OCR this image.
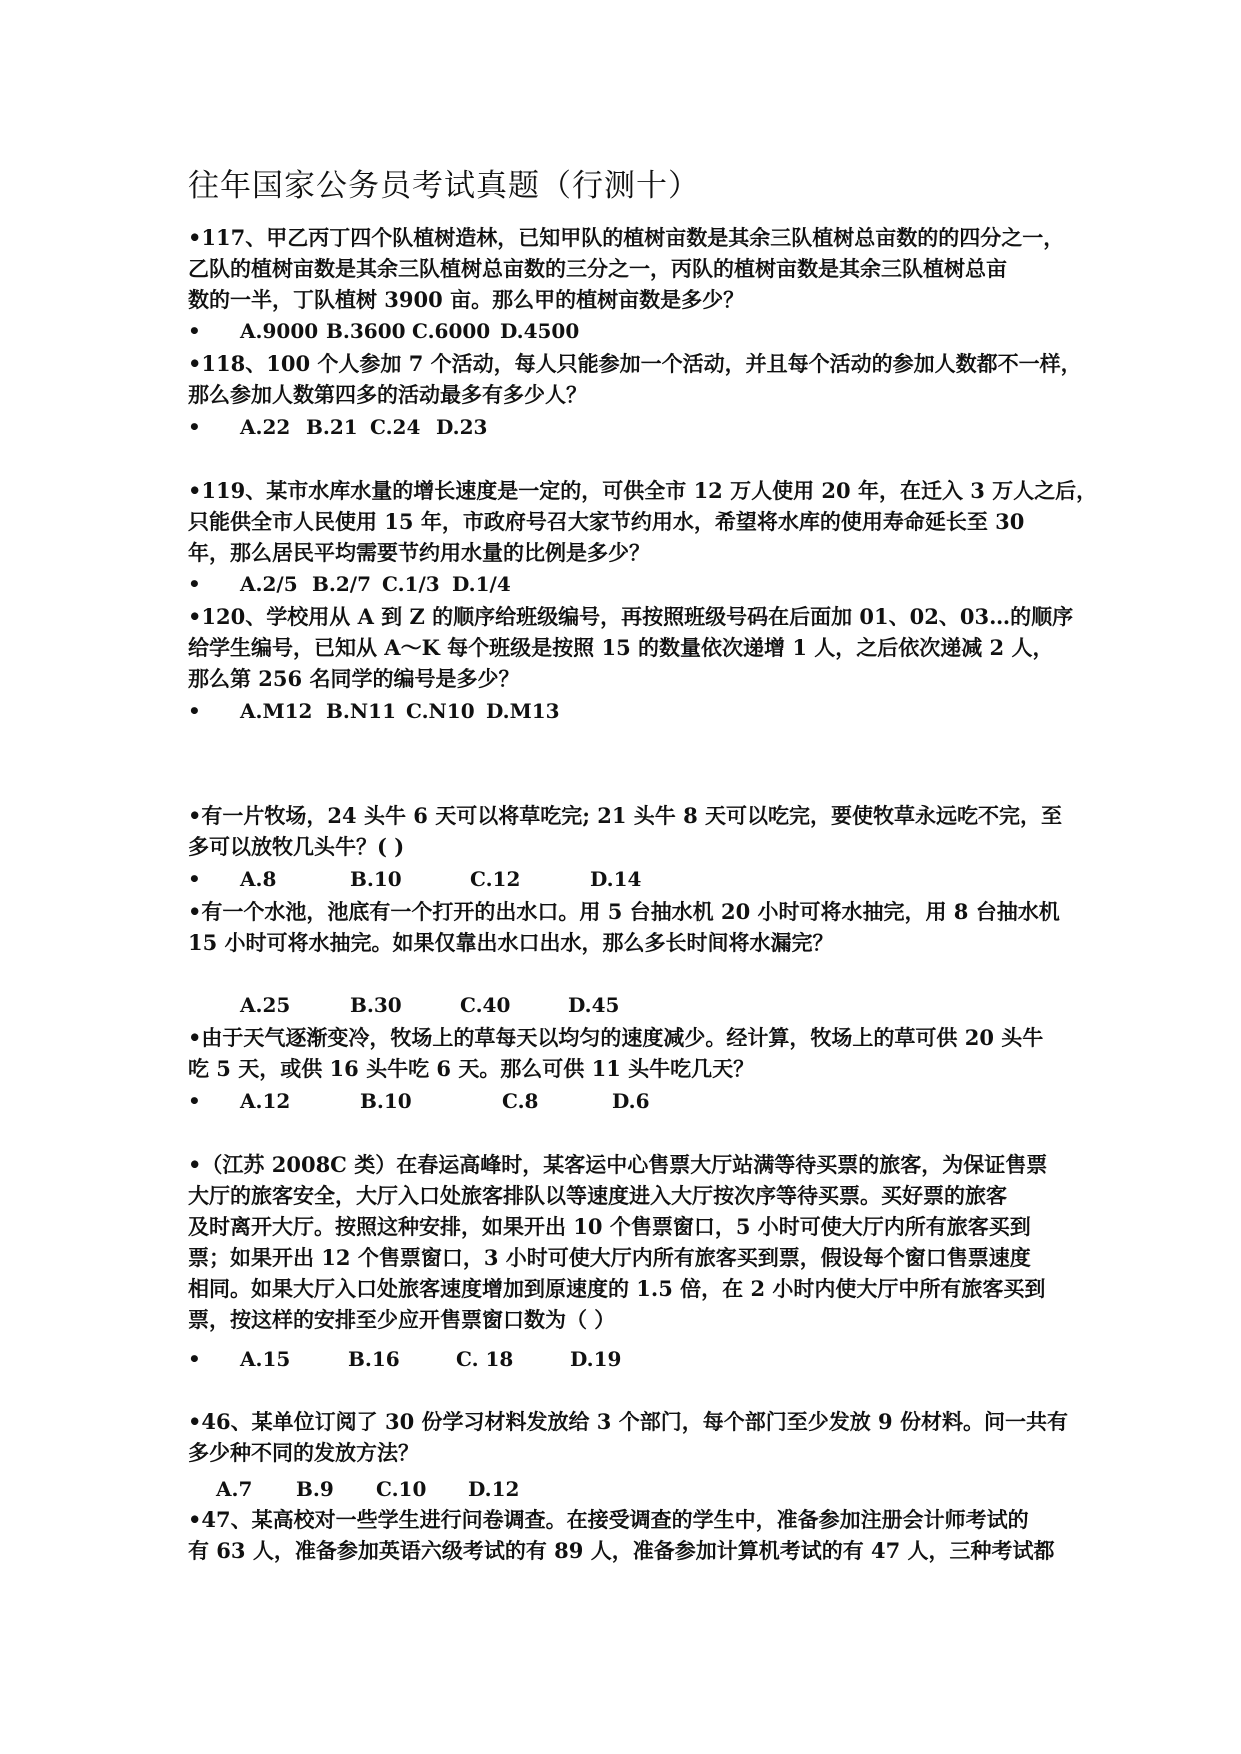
往年国家公务员考试真题（行测十）
•117、甲乙丙丁四个队植树造林，已知甲队的植树亩数是其余三队植树总亩数的的四分之一，
乙队的植树亩数是其余三队植树总亩数的三分之一，丙队的植树亩数是其余三队植树总亩
数的一半，丁队植树 3900 亩。那么甲的植树亩数是多少？
• A.9000 B.3600 C.6000 D.4500
•118、100 个人参加 7 个活动，每人只能参加一个活动，并且每个活动的参加人数都不一样，
那么参加人数第四多的活动最多有多少人？
• A.22 B.21 C.24 D.23
•119、某市水库水量的增长速度是一定的，可供全市 12 万人使用 20 年，在迁入 3 万人之后，
只能供全市人民使用 15 年，市政府号召大家节约用水，希望将水库的使用寿命延长至 30
年，那么居民平均需要节约用水量的比例是多少？
• A.2/5 B.2/7 C.1/3 D.1/4
•120、学校用从 A 到 Z 的顺序给班级编号，再按照班级号码在后面加 01、02、03…的顺序
给学生编号，已知从 A～K 每个班级是按照 15 的数量依次递增 1 人，之后依次递减 2 人，
那么第 256 名同学的编号是多少？
• A.M12 B.N11 C.N10 D.M13
•有一片牧场，24 头牛 6 天可以将草吃完; 21 头牛 8 天可以吃完，要使牧草永远吃不完，至
多可以放牧几头牛？( )
• A.8	B.10	C.12	D.14
•有一个水池，池底有一个打开的出水口。用 5 台抽水机 20 小时可将水抽完，用 8 台抽水机
15 小时可将水抽完。如果仅靠出水口出水，那么多长时间将水漏完？
A.25	B.30	C.40	D.45
•由于天气逐渐变冷，牧场上的草每天以均匀的速度减少。经计算，牧场上的草可供 20 头牛
吃 5 天，或供 16 头牛吃 6 天。那么可供 11 头牛吃几天？
• A.12	B.10	C.8	D.6
•（江苏 2008C 类）在春运高峰时，某客运中心售票大厅站满等待买票的旅客，为保证售票
大厅的旅客安全，大厅入口处旅客排队以等速度进入大厅按次序等待买票。买好票的旅客
及时离开大厅。按照这种安排，如果开出 10 个售票窗口，5 小时可使大厅内所有旅客买到
票；如果开出 12 个售票窗口，3 小时可使大厅内所有旅客买到票，假设每个窗口售票速度
相同。如果大厅入口处旅客速度增加到原速度的 1.5 倍，在 2 小时内使大厅中所有旅客买到
票，按这样的安排至少应开售票窗口数为（ ）
• A.15	B.16	C. 18	D.19
•46、某单位订阅了 30 份学习材料发放给 3 个部门，每个部门至少发放 9 份材料。问一共有
多少种不同的发放方法？
A.7 B.9 C.10 D.12
•47、某高校对一些学生进行问卷调查。在接受调查的学生中，准备参加注册会计师考试的
有 63 人，准备参加英语六级考试的有 89 人，准备参加计算机考试的有 47 人，三种考试都
